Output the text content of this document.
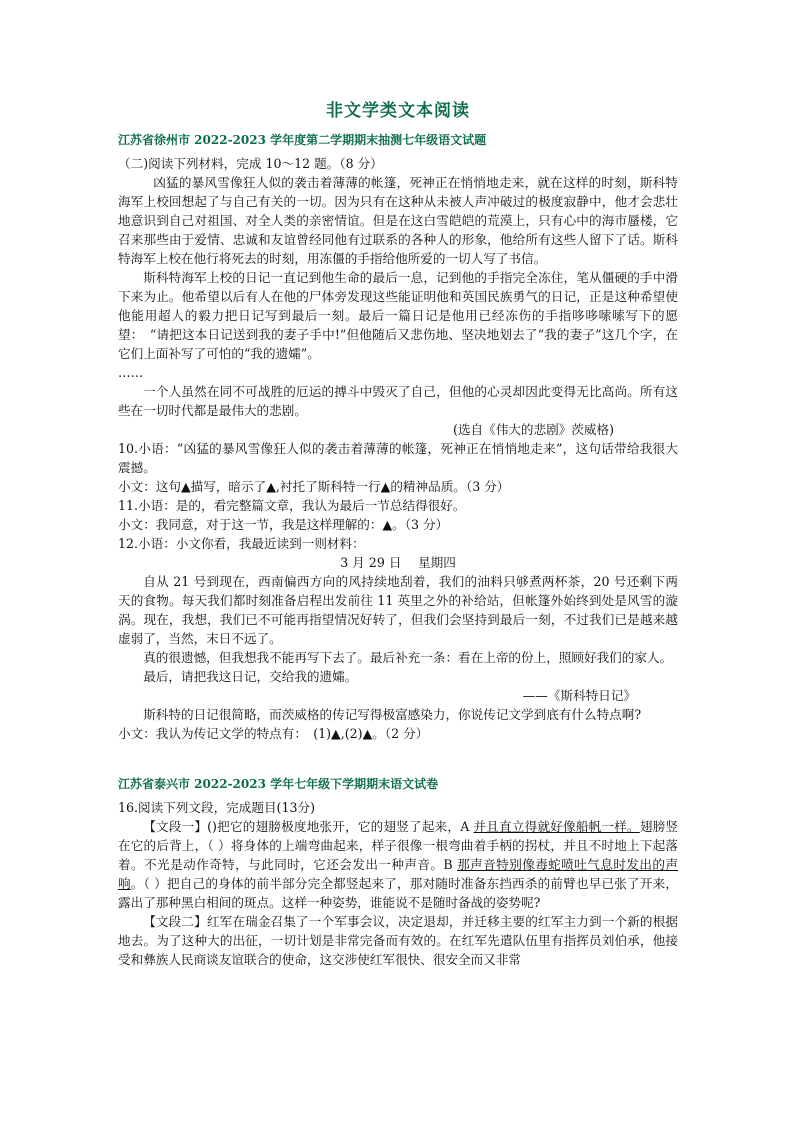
非文学类文本阅读
江苏省徐州市 2022-2023 学年度第二学期期末抽测七年级语文试题

（二)阅读下列材料，完成 10～12 题。（8 分）

凶猛的暴风雪像狂人似的袭击着薄薄的帐篷，死神正在悄悄地走来，就在这样的时刻，斯科特海军上校回想起了与自己有关的一切。因为只有在这种从未被人声冲破过的极度寂静中，他才会悲壮地意识到自己对祖国、对全人类的亲密情谊。但是在这白雪皑皑的荒漠上，只有心中的海市蜃楼，它召来那些由于爱情、忠诚和友谊曾经同他有过联系的各种人的形象，他给所有这些人留下了话。斯科特海军上校在他行将死去的时刻，用冻僵的手指给他所爱的一切人写了书信。

斯科特海军上校的日记一直记到他生命的最后一息，记到他的手指完全冻住，笔从僵硬的手中滑下来为止。他希望以后有人在他的尸体旁发现这些能证明他和英国民族勇气的日记，正是这种希望使他能用超人的毅力把日记写到最后一刻。最后一篇日记是他用已经冻伤的手指哆哆嗦嗦写下的愿望：　“请把这本日记送到我的妻子手中!”但他随后又悲伤地、坚决地划去了“我的妻子”这几个字，在它们上面补写了可怕的“我的遗孀”。

……

一个人虽然在同不可战胜的厄运的搏斗中毁灭了自己，但他的心灵却因此变得无比高尚。所有这些在一切时代都是最伟大的悲剧。

(选自《伟大的悲剧》茨威格)

10.小语：“凶猛的暴风雪像狂人似的袭击着薄薄的帐篷，死神正在悄悄地走来”，这句话带给我很大震撼。

小文：这句▲描写，暗示了▲,衬托了斯科特一行▲的精神品质。（3 分）

11.小语：是的，看完整篇文章，我认为最后一节总结得很好。

小文：我同意，对于这一节，我是这样理解的：▲。（3 分）

12.小语：小文你看，我最近读到一则材料：

3 月 29 日　 星期四

自从 21 号到现在，西南偏西方向的风持续地刮着，我们的油料只够煮两杯茶，20 号还剩下两天的食物。每天我们都时刻准备启程出发前往 11 英里之外的补给站，但帐篷外始终到处是风雪的漩涡。现在，我想，我们已不可能再指望情况好转了，但我们会坚持到最后一刻，不过我们已是越来越虚弱了，当然，末日不远了。

真的很遗憾，但我想我不能再写下去了。最后补充一条：看在上帝的份上，照顾好我们的家人。

最后，请把我这日记，交给我的遗孀。

——《斯科特日记》

斯科特的日记很简略，而茨威格的传记写得极富感染力，你说传记文学到底有什么特点啊?

小文：我认为传记文学的特点有：　(1)▲,(2)▲。（2 分）

江苏省泰兴市 2022-2023 学年七年级下学期期末语文试卷

16.阅读下列文段，完成题目(13分)

【文段一】()把它的翅膀极度地张开，它的翅竖了起来，A 并且直立得就好像船帆一样。翅膀竖在它的后背上，（ ）将身体的上端弯曲起来，样子很像一根弯曲着手柄的拐杖，并且不时地上下起落着。不光是动作奇特，与此同时，它还会发出一种声音。B 那声音特别像毒蛇喷吐气息时发出的声响。（ ）把自己的身体的前半部分完全都竖起来了，那对随时准备东挡西杀的前臂也早已张了开来，露出了那种黑白相间的斑点。这样一种姿势，谁能说不是随时备战的姿势呢?

【文段二】红军在瑞金召集了一个军事会议，决定退却，并迁移主要的红军主力到一个新的根据地去。为了这种大的出征，一切计划是非常完备而有效的。在红军先遣队伍里有指挥员刘伯承，他接受和彝族人民商谈友谊联合的使命，这交涉使红军很快、很安全而又非常
